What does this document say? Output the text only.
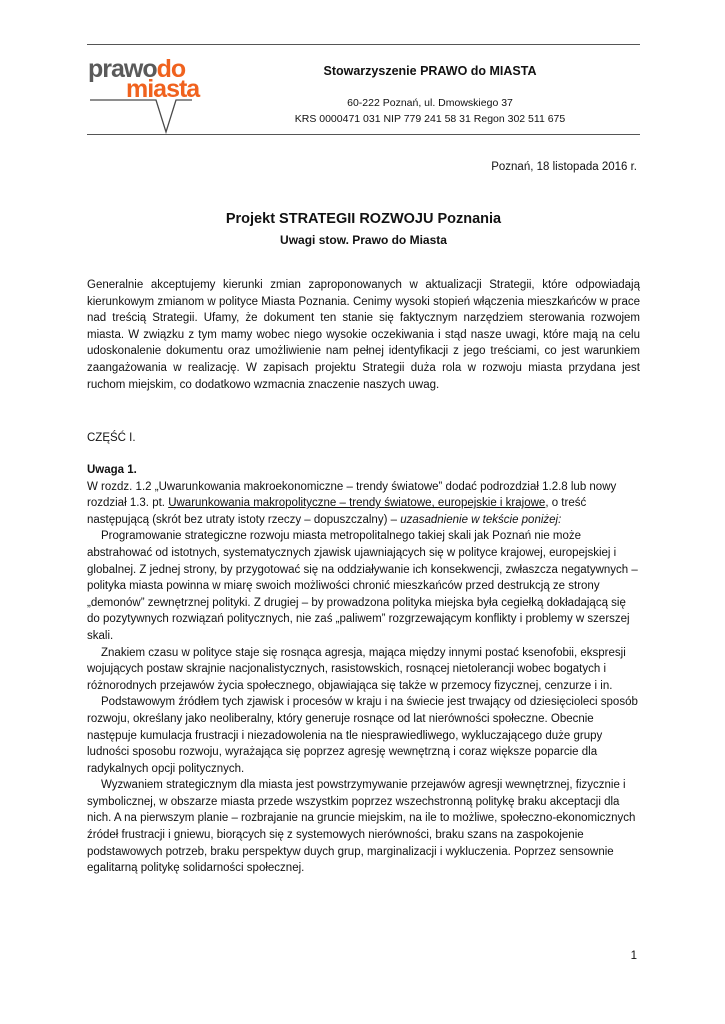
prawodo
miasta
Stowarzyszenie PRAWO do MIASTA
60-222 Poznań, ul. Dmowskiego 37
KRS 0000471 031 NIP 779 241 58 31 Regon 302 511 675
Poznań, 18 listopada 2016 r.
Projekt STRATEGII ROZWOJU Poznania
Uwagi stow. Prawo do Miasta
Generalnie akceptujemy kierunki zmian zaproponowanych w aktualizacji Strategii, które odpowiadają kierunkowym zmianom w polityce Miasta Poznania. Cenimy wysoki stopień włączenia mieszkańców w prace nad treścią Strategii. Ufamy, że dokument ten stanie się faktycznym narzędziem sterowania rozwojem miasta. W związku z tym mamy wobec niego wysokie oczekiwania i stąd nasze uwagi, które mają na celu udoskonalenie dokumentu oraz umożliwienie nam pełnej identyfikacji z jego treściami, co jest warunkiem zaangażowania w realizację. W zapisach projektu Strategii duża rola w rozwoju miasta przydana jest ruchom miejskim, co dodatkowo wzmacnia znaczenie naszych uwag.
CZĘŚĆ I.

Uwaga 1.

W rozdz. 1.2 „Uwarunkowania makroekonomiczne – trendy światowe” dodać podrozdział 1.2.8 lub nowy rozdział 1.3. pt. Uwarunkowania makropolityczne – trendy światowe, europejskie i krajowe, o treść następującą (skrót bez utraty istoty rzeczy – dopuszczalny) – uzasadnienie w tekście poniżej:

Programowanie strategiczne rozwoju miasta metropolitalnego takiej skali jak Poznań nie może abstrahować od istotnych, systematycznych zjawisk ujawniających się w polityce krajowej, europejskiej i globalnej. Z jednej strony, by przygotować się na oddziaływanie ich konsekwencji, zwłaszcza negatywnych – polityka miasta powinna w miarę swoich możliwości chronić mieszkańców przed destrukcją ze strony „demonów” zewnętrznej polityki. Z drugiej – by prowadzona polityka miejska była cegiełką dokładającą się do pozytywnych rozwiązań politycznych, nie zaś „paliwem” rozgrzewającym konflikty i problemy w szerszej skali.

Znakiem czasu w polityce staje się rosnąca agresja, mająca między innymi postać ksenofobii, ekspresji wojujących postaw skrajnie nacjonalistycznych, rasistowskich, rosnącej nietolerancji wobec bogatych i różnorodnych przejawów życia społecznego, objawiająca się także w przemocy fizycznej, cenzurze i in.

Podstawowym źródłem tych zjawisk i procesów w kraju i na świecie jest trwający od dziesięcioleci sposób rozwoju, określany jako neoliberalny, który generuje rosnące od lat nierówności społeczne. Obecnie następuje kumulacja frustracji i niezadowolenia na tle niesprawiedliwego, wykluczającego duże grupy ludności sposobu rozwoju, wyrażająca się poprzez agresję wewnętrzną i coraz większe poparcie dla radykalnych opcji politycznych.

Wyzwaniem strategicznym dla miasta jest powstrzymywanie przejawów agresji wewnętrznej, fizycznie i symbolicznej, w obszarze miasta przede wszystkim poprzez wszechstronną politykę braku akceptacji dla nich. A na pierwszym planie – rozbrajanie na gruncie miejskim, na ile to możliwe, społeczno-ekonomicznych źródeł frustracji i gniewu, biorących się z systemowych nierówności, braku szans na zaspokojenie podstawowych potrzeb, braku perspektyw duych grup, marginalizacji i wykluczenia. Poprzez sensownie egalitarną politykę solidarności społecznej.

1
